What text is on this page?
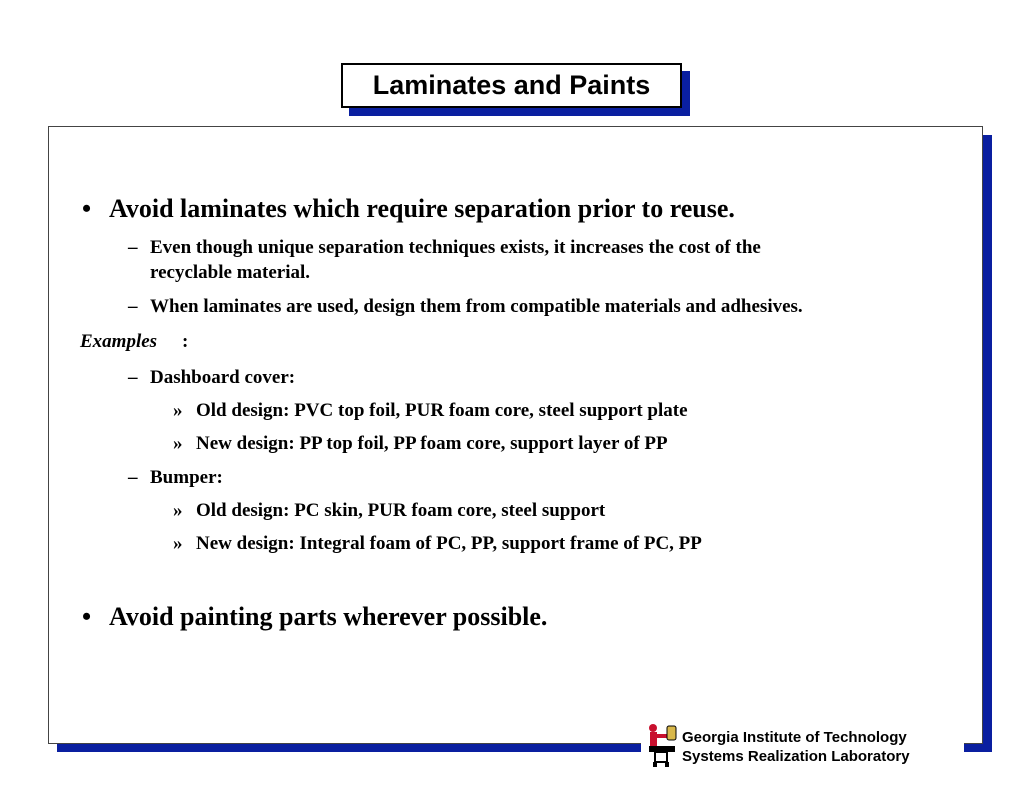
Laminates and Paints
• Avoid laminates which require separation prior to reuse.
– Even though unique separation techniques exists, it increases the cost of the
recyclable material.
– When laminates are used, design them from compatible materials and adhesives.
Examples :
– Dashboard cover:
» Old design: PVC top foil, PUR foam core, steel support plate
» New design: PP top foil, PP foam core, support layer of PP
– Bumper:
» Old design: PC skin, PUR foam core, steel support
» New design: Integral foam of PC, PP, support frame of PC, PP
• Avoid painting parts wherever possible.
Georgia Institute of Technology
Systems Realization Laboratory
